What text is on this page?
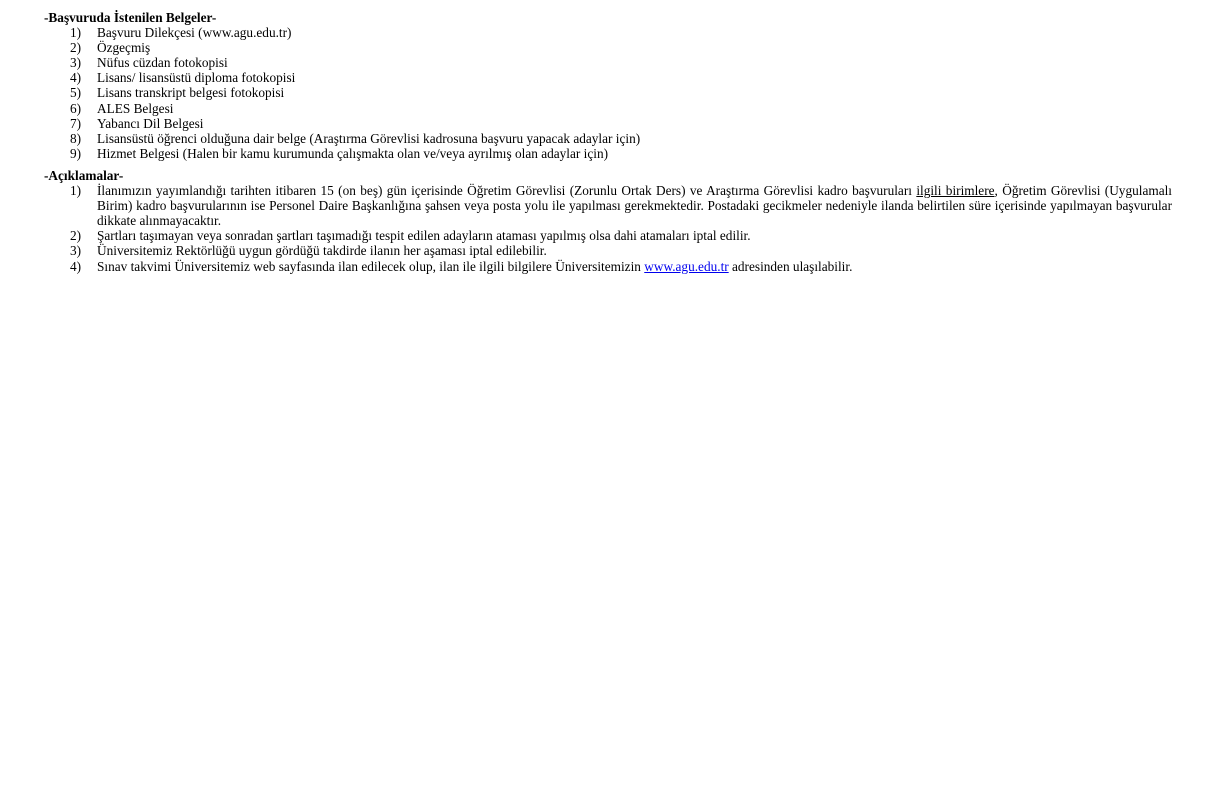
-Başvuruda İstenilen Belgeler-

1) Başvuru Dilekçesi (www.agu.edu.tr)
2) Özgeçmiş
3) Nüfus cüzdan fotokopisi
4) Lisans/ lisansüstü diploma fotokopisi
5) Lisans transkript belgesi fotokopisi
6) ALES Belgesi
7) Yabancı Dil Belgesi
8) Lisansüstü öğrenci olduğuna dair belge (Araştırma Görevlisi kadrosuna başvuru yapacak adaylar için)
9) Hizmet Belgesi (Halen bir kamu kurumunda çalışmakta olan ve/veya ayrılmış olan adaylar için)

-Açıklamalar-

1) İlanımızın yayımlandığı tarihten itibaren 15 (on beş) gün içerisinde Öğretim Görevlisi (Zorunlu Ortak Ders) ve Araştırma Görevlisi kadro başvuruları ilgili birimlere, Öğretim Görevlisi (Uygulamalı Birim) kadro başvurularının ise Personel Daire Başkanlığına şahsen veya posta yolu ile yapılması gerekmektedir. Postadaki gecikmeler nedeniyle ilanda belirtilen süre içerisinde yapılmayan başvurular dikkate alınmayacaktır.
2) Şartları taşımayan veya sonradan şartları taşımadığı tespit edilen adayların ataması yapılmış olsa dahi atamaları iptal edilir.
3) Üniversitemiz Rektörlüğü uygun gördüğü takdirde ilanın her aşaması iptal edilebilir.
4) Sınav takvimi Üniversitemiz web sayfasında ilan edilecek olup, ilan ile ilgili bilgilere Üniversitemizin www.agu.edu.tr adresinden ulaşılabilir.
